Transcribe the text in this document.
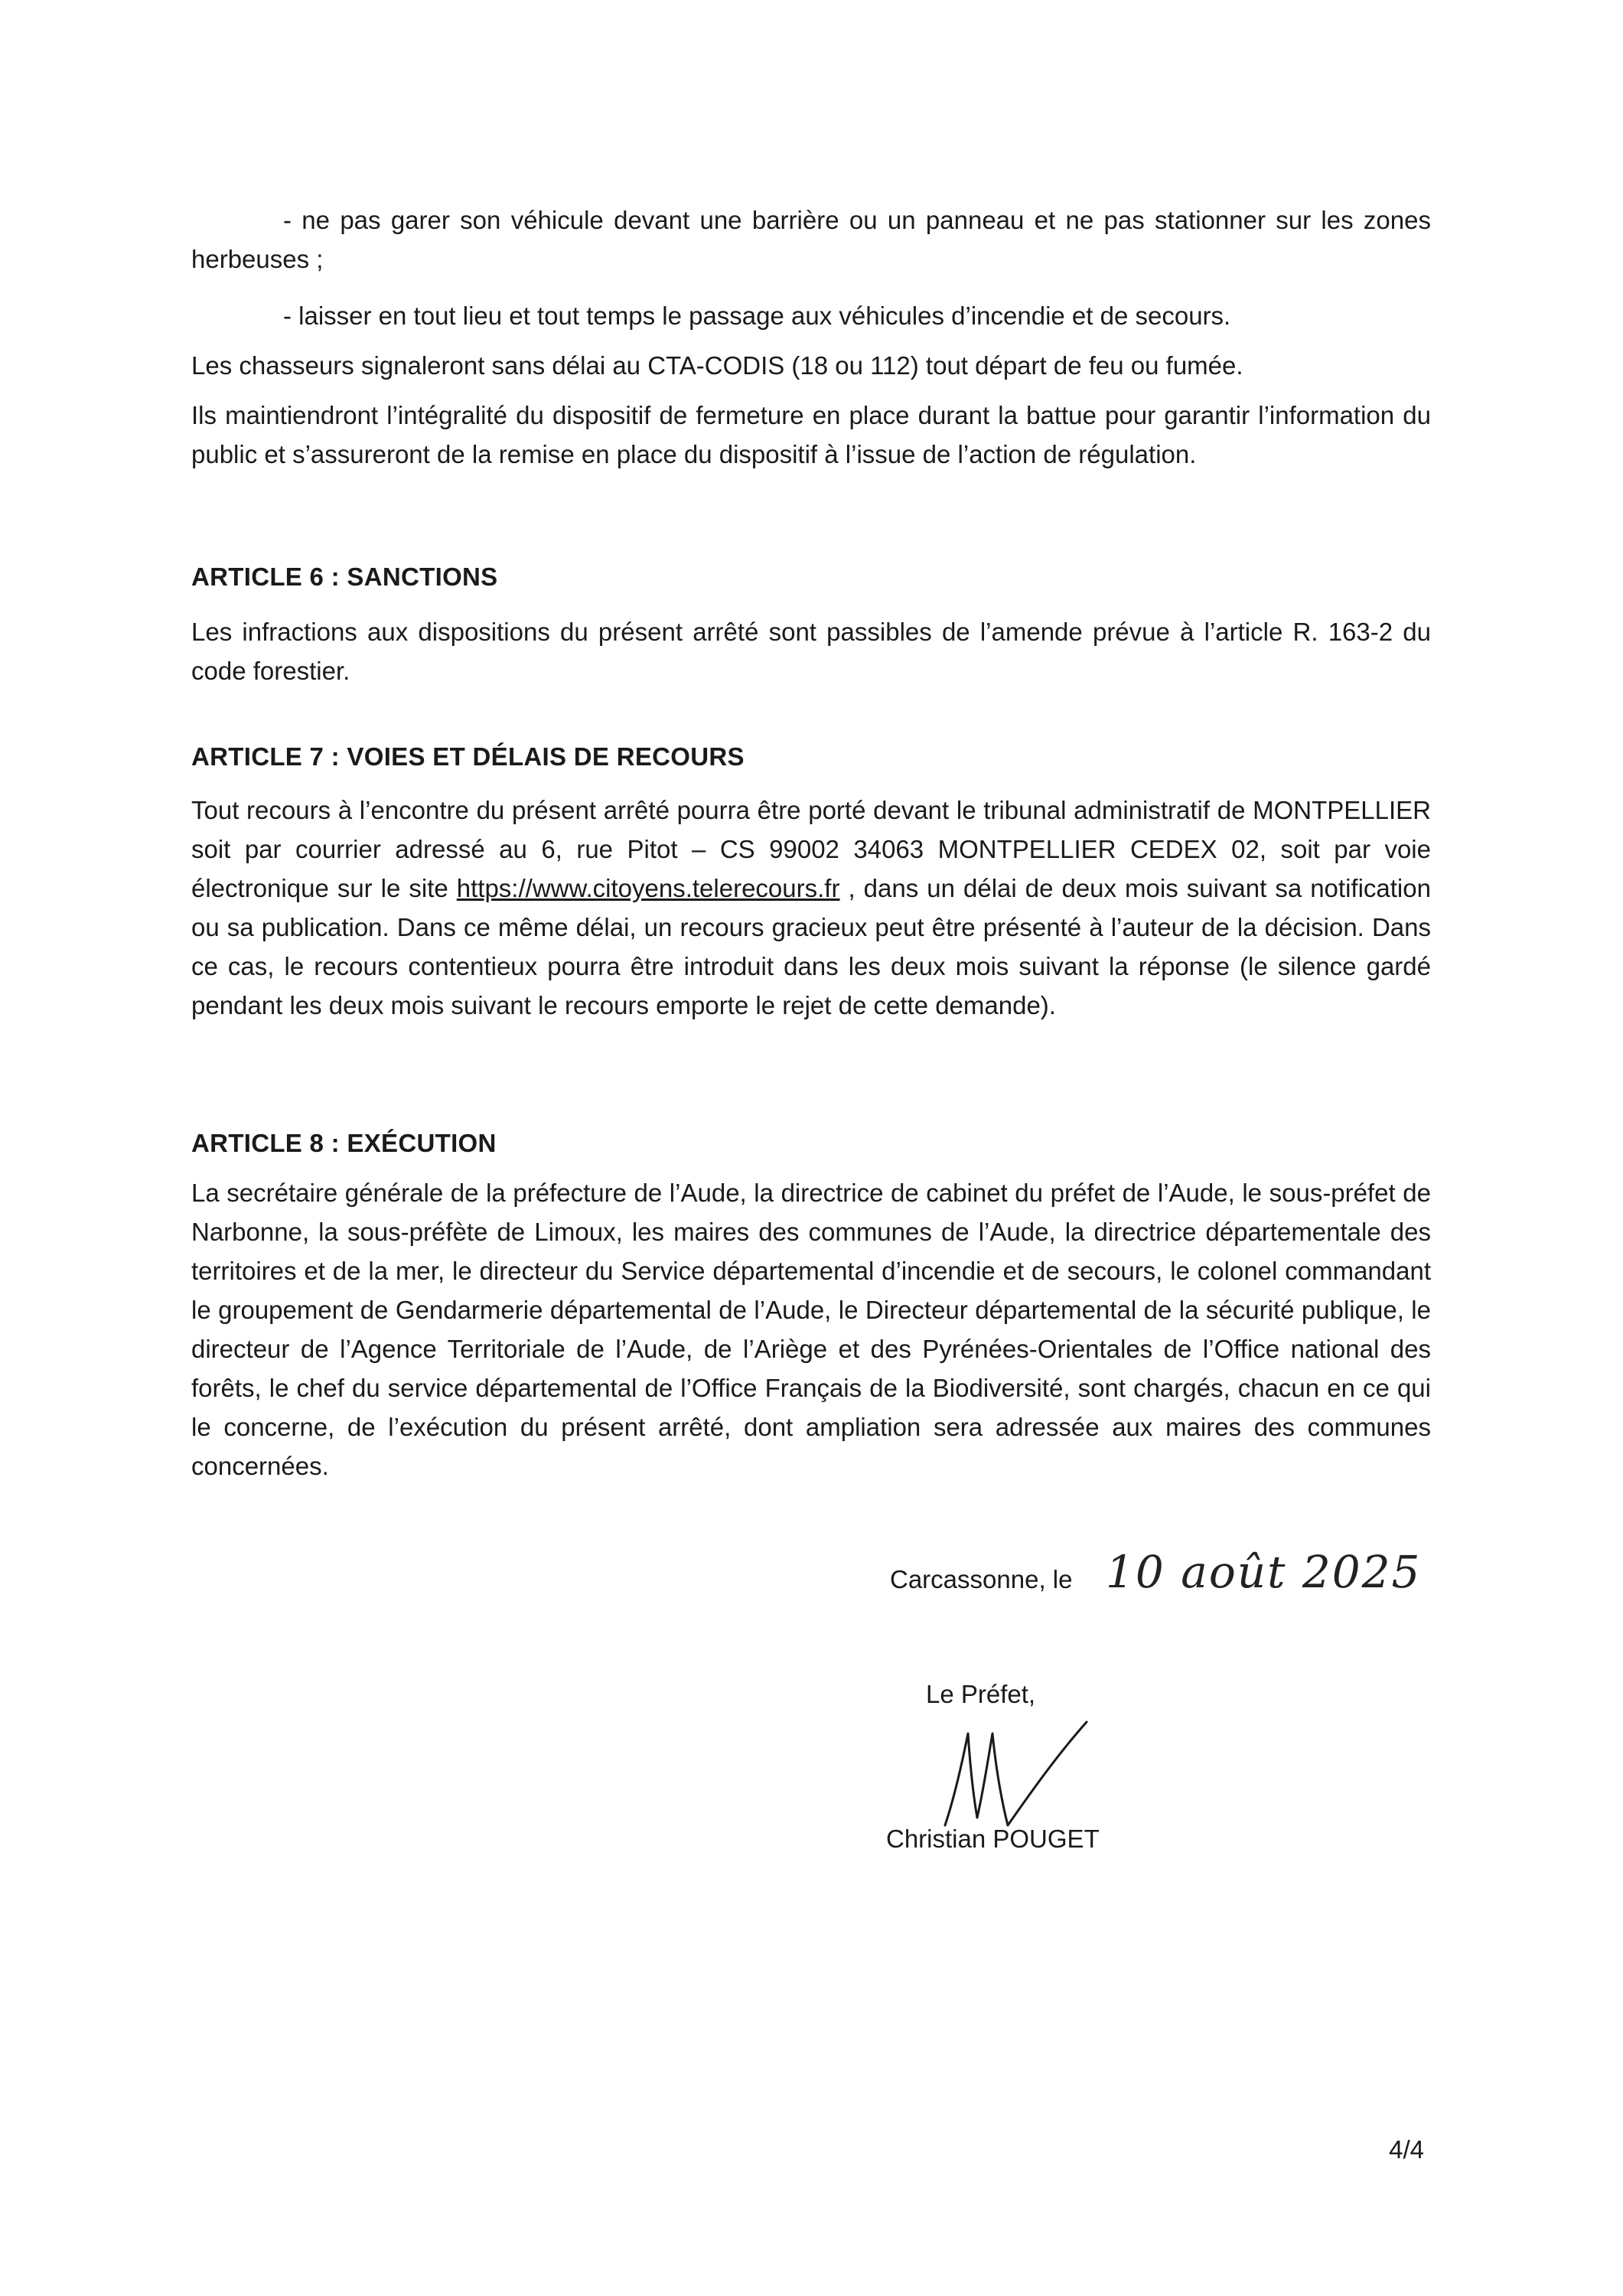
- ne pas garer son véhicule devant une barrière ou un panneau et ne pas stationner sur les zones herbeuses ;

- laisser en tout lieu et tout temps le passage aux véhicules d’incendie et de secours.

Les chasseurs signaleront sans délai au CTA-CODIS (18 ou 112) tout départ de feu ou fumée.

Ils maintiendront l’intégralité du dispositif de fermeture en place durant la battue pour garantir l’information du public et s’assureront de la remise en place du dispositif à l’issue de l’action de régulation.

ARTICLE 6 : SANCTIONS

Les infractions aux dispositions du présent arrêté sont passibles de l’amende prévue à l’article R. 163-2 du code forestier.

ARTICLE 7 : VOIES ET DÉLAIS DE RECOURS

Tout recours à l’encontre du présent arrêté pourra être porté devant le tribunal administratif de MONTPELLIER soit par courrier adressé au 6, rue Pitot – CS 99002 34063 MONTPELLIER CEDEX 02, soit par voie électronique sur le site https://www.citoyens.telerecours.fr , dans un délai de deux mois suivant sa notification ou sa publication. Dans ce même délai, un recours gracieux peut être présenté à l’auteur de la décision. Dans ce cas, le recours contentieux pourra être introduit dans les deux mois suivant la réponse (le silence gardé pendant les deux mois suivant le recours emporte le rejet de cette demande).

ARTICLE 8 : EXÉCUTION

La secrétaire générale de la préfecture de l’Aude, la directrice de cabinet du préfet de l’Aude, le sous-préfet de Narbonne, la sous-préfète de Limoux, les maires des communes de l’Aude, la directrice départementale des territoires et de la mer, le directeur du Service départemental d’incendie et de secours, le colonel commandant le groupement de Gendarmerie départemental de l’Aude, le Directeur départemental de la sécurité publique, le directeur de l’Agence Territoriale de l’Aude, de l’Ariège et des Pyrénées-Orientales de l’Office national des forêts, le chef du service départemental de l’Office Français de la Biodiversité, sont chargés, chacun en ce qui le concerne, de l’exécution du présent arrêté, dont ampliation sera adressée aux maires des communes concernées.

Carcassonne, le 10 août 2025
Le Préfet,
Christian POUGET
4/4
